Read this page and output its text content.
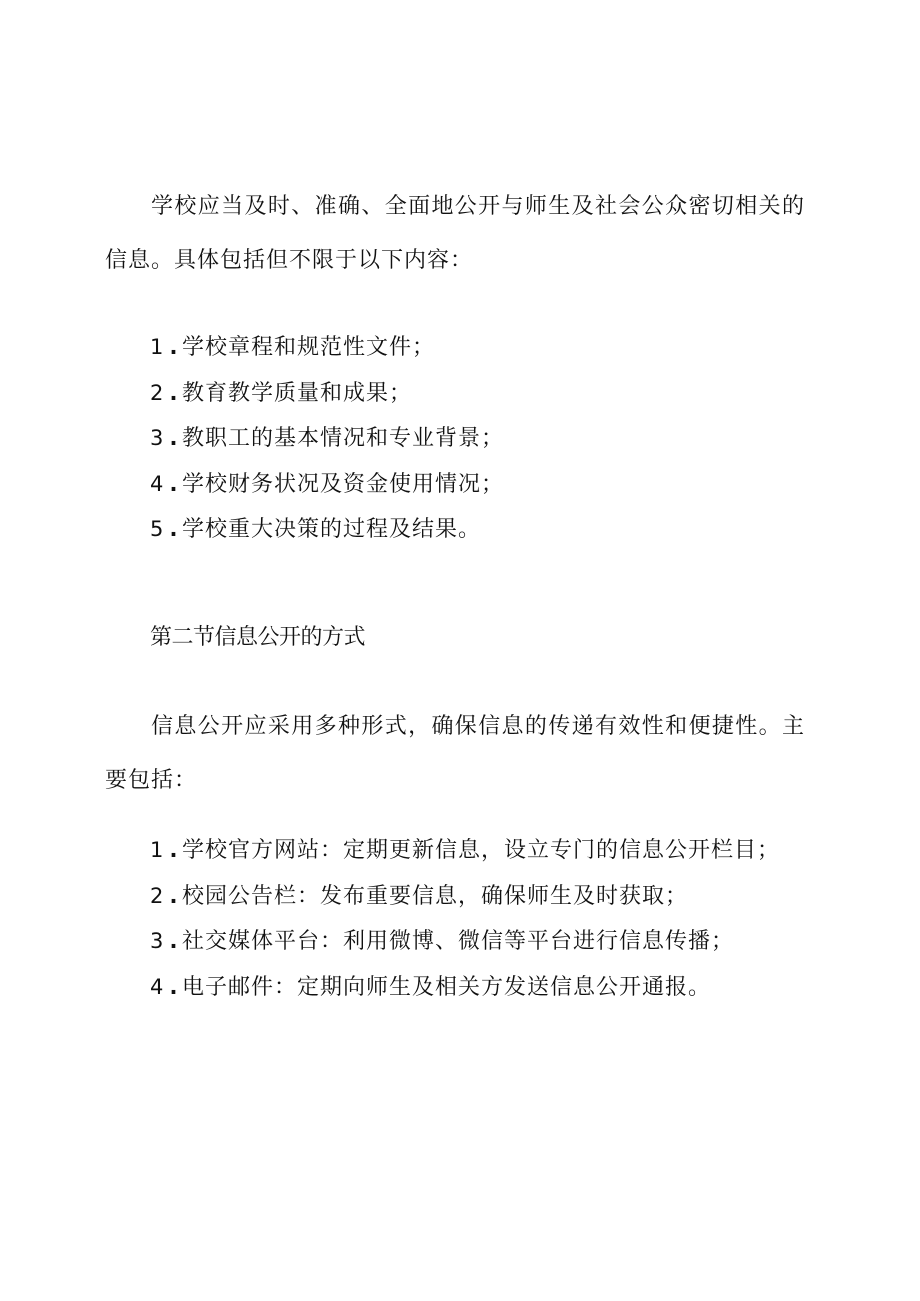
学校应当及时、准确、全面地公开与师生及社会公众密切相关的信息。具体包括但不限于以下内容：

1 . 学校章程和规范性文件；
2 . 教育教学质量和成果；
3 . 教职工的基本情况和专业背景；
4 . 学校财务状况及资金使用情况；
5 . 学校重大决策的过程及结果。
第二节信息公开的方式

信息公开应采用多种形式，确保信息的传递有效性和便捷性。主要包括：

1 . 学校官方网站：定期更新信息，设立专门的信息公开栏目；
2 . 校园公告栏：发布重要信息，确保师生及时获取；
3 . 社交媒体平台：利用微博、微信等平台进行信息传播；
4 . 电子邮件：定期向师生及相关方发送信息公开通报。
